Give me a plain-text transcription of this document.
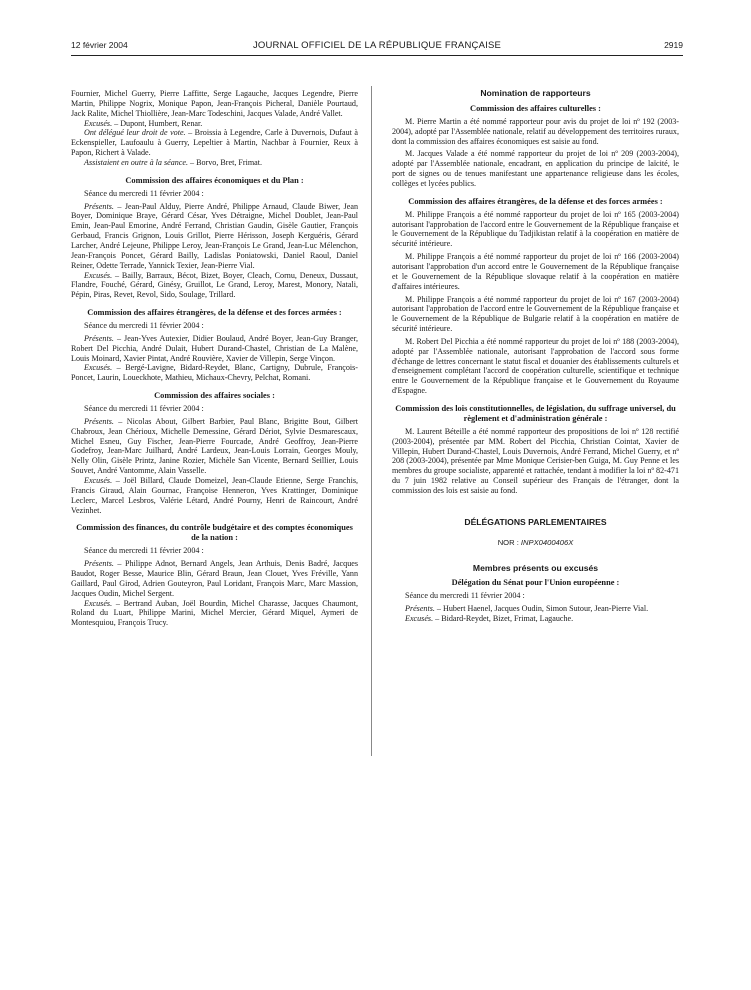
12 février 2004	JOURNAL OFFICIEL DE LA RÉPUBLIQUE FRANÇAISE	2919

Fournier, Michel Guerry, Pierre Laffitte, Serge Lagauche, Jacques Legendre, Pierre Martin, Philippe Nogrix, Monique Papon, Jean-François Picheral, Danièle Pourtaud, Jack Ralite, Michel Thiollière, Jean-Marc Todeschini, Jacques Valade, André Vallet.

Excusés. – Dupont, Humbert, Renar.

Ont délégué leur droit de vote. – Broissia à Legendre, Carle à Duvernois, Dufaut à Eckenspieller, Laufoaulu à Guerry, Lepeltier à Martin, Nachbar à Fournier, Reux à Papon, Richert à Valade.

Assistaient en outre à la séance. – Borvo, Bret, Frimat.

Commission des affaires économiques et du Plan :

Séance du mercredi 11 février 2004 :

Présents. – Jean-Paul Alduy, Pierre André, Philippe Arnaud, Claude Biwer, Jean Boyer, Dominique Braye, Gérard César, Yves Détraigne, Michel Doublet, Jean-Paul Emin, Jean-Paul Emorine, André Ferrand, Christian Gaudin, Gisèle Gautier, François Gerbaud, Francis Grignon, Louis Grillot, Pierre Hérisson, Joseph Kerguéris, Gérard Larcher, André Lejeune, Philippe Leroy, Jean-François Le Grand, Jean-Luc Mélenchon, Jean-François Poncet, Gérard Bailly, Ladislas Poniatowski, Daniel Raoul, Daniel Reiner, Odette Terrade, Yannick Texier, Jean-Pierre Vial.

Excusés. – Bailly, Barraux, Bécot, Bizet, Boyer, Cleach, Cornu, Deneux, Dussaut, Flandre, Fouché, Gérard, Ginésy, Gruillot, Le Grand, Leroy, Marest, Monory, Natali, Pépin, Piras, Revet, Revol, Sido, Soulage, Trillard.

Commission des affaires étrangères, de la défense et des forces armées :

Séance du mercredi 11 février 2004 :

Présents. – Jean-Yves Autexier, Didier Boulaud, André Boyer, Jean-Guy Branger, Robert Del Picchia, André Dulait, Hubert Durand-Chastel, Christian de La Malène, Louis Moinard, Xavier Pintat, André Rouvière, Xavier de Villepin, Serge Vinçon.

Excusés. – Bergé-Lavigne, Bidard-Reydet, Blanc, Cartigny, Dubrule, François-Poncet, Laurin, Loueckhote, Mathieu, Michaux-Chevry, Pelchat, Romani.

Commission des affaires sociales :

Séance du mercredi 11 février 2004 :

Présents. – Nicolas About, Gilbert Barbier, Paul Blanc, Brigitte Bout, Gilbert Chabroux, Jean Chérioux, Michelle Demessine, Gérard Dériot, Sylvie Desmarescaux, Michel Esneu, Guy Fischer, Jean-Pierre Fourcade, André Geoffroy, Jean-Pierre Godefroy, Jean-Marc Juilhard, André Lardeux, Jean-Louis Lorrain, Georges Mouly, Nelly Olin, Gisèle Printz, Janine Rozier, Michèle San Vicente, Bernard Seillier, Louis Souvet, André Vantomme, Alain Vasselle.

Excusés. – Joël Billard, Claude Domeizel, Jean-Claude Etienne, Serge Franchis, Francis Giraud, Alain Gournac, Françoise Henneron, Yves Krattinger, Dominique Leclerc, Marcel Lesbros, Valérie Létard, André Pourny, Henri de Raincourt, André Vezinhet.

Commission des finances, du contrôle budgétaire et des comptes économiques de la nation :

Séance du mercredi 11 février 2004 :

Présents. – Philippe Adnot, Bernard Angels, Jean Arthuis, Denis Badré, Jacques Baudot, Roger Besse, Maurice Blin, Gérard Braun, Jean Clouet, Yves Fréville, Yann Gaillard, Paul Girod, Adrien Gouteyron, Paul Loridant, François Marc, Marc Massion, Jacques Oudin, Michel Sergent.

Excusés. – Bertrand Auban, Joël Bourdin, Michel Charasse, Jacques Chaumont, Roland du Luart, Philippe Marini, Michel Mercier, Gérard Miquel, Aymeri de Montesquiou, François Trucy.

Nomination de rapporteurs
Commission des affaires culturelles :

M. Pierre Martin a été nommé rapporteur pour avis du projet de loi nº 192 (2003-2004), adopté par l'Assemblée nationale, relatif au développement des territoires ruraux, dont la commission des affaires économiques est saisie au fond.

M. Jacques Valade a été nommé rapporteur du projet de loi nº 209 (2003-2004), adopté par l'Assemblée nationale, encadrant, en application du principe de laïcité, le port de signes ou de tenues manifestant une appartenance religieuse dans les écoles, collèges et lycées publics.

Commission des affaires étrangères, de la défense et des forces armées :

M. Philippe François a été nommé rapporteur du projet de loi nº 165 (2003-2004) autorisant l'approbation de l'accord entre le Gouvernement de la République française et le Gouvernement de la République du Tadjikistan relatif à la coopération en matière de sécurité intérieure.

M. Philippe François a été nommé rapporteur du projet de loi nº 166 (2003-2004) autorisant l'approbation d'un accord entre le Gouvernement de la République française et le Gouvernement de la République slovaque relatif à la coopération en matière d'affaires intérieures.

M. Philippe François a été nommé rapporteur du projet de loi nº 167 (2003-2004) autorisant l'approbation de l'accord entre le Gouvernement de la République française et le Gouvernement de la République de Bulgarie relatif à la coopération en matière de sécurité intérieure.

M. Robert Del Picchia a été nommé rapporteur du projet de loi nº 188 (2003-2004), adopté par l'Assemblée nationale, autorisant l'approbation de l'accord sous forme d'échange de lettres concernant le statut fiscal et douanier des établissements culturels et d'enseignement complétant l'accord de coopération culturelle, scientifique et technique entre le Gouvernement de la République française et le Gouvernement du Royaume d'Espagne.

Commission des lois constitutionnelles, de législation, du suffrage universel, du règlement et d'administration générale :

M. Laurent Béteille a été nommé rapporteur des propositions de loi nº 128 rectifié (2003-2004), présentée par MM. Robert del Picchia, Christian Cointat, Xavier de Villepin, Hubert Durand-Chastel, Louis Duvernois, André Ferrand, Michel Guerry, et nº 208 (2003-2004), présentée par Mme Monique Cerisier-ben Guiga, M. Guy Penne et les membres du groupe socialiste, apparenté et rattachée, tendant à modifier la loi nº 82-471 du 7 juin 1982 relative au Conseil supérieur des Français de l'étranger, dont la commission des lois est saisie au fond.

DÉLÉGATIONS PARLEMENTAIRES
NOR : INPX0400406X
Membres présents ou excusés
Délégation du Sénat pour l'Union européenne :

Séance du mercredi 11 février 2004 :

Présents. – Hubert Haenel, Jacques Oudin, Simon Sutour, Jean-Pierre Vial.

Excusés. – Bidard-Reydet, Bizet, Frimat, Lagauche.
